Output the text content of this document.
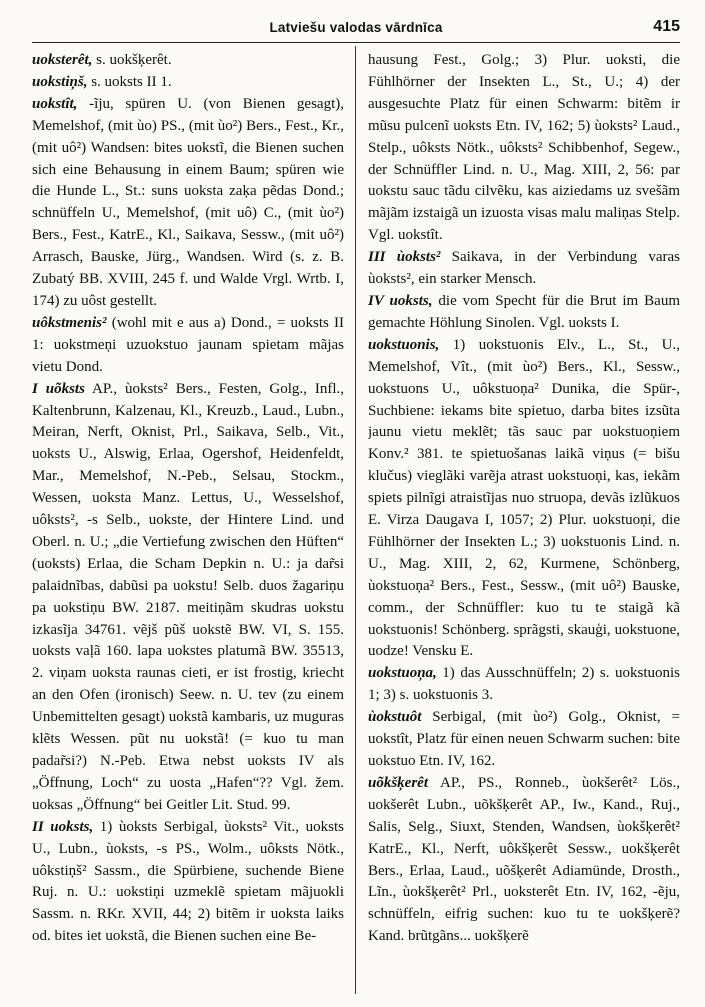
Latviešu valodas vārdnīca	415

uoksterêt, s. uokšķerêt.

uokstiņš, s. uoksts II 1.

uokstît, -ĩju, spüren U. (von Bienen gesagt), Memelshof, (mit ùo) PS., (mit ùo²) Bers., Fest., Kr., (mit uô²) Wandsen: bites uokstĩ, die Bienen suchen sich eine Behausung in einem Baum; spüren wie die Hunde L., St.: suns uoksta zaķa pẽdas Dond.; schnüffeln U., Memelshof, (mit uô) C., (mit ùo²) Bers., Fest., KatrE., Kl., Saikava, Sessw., (mit uô²) Arrasch, Bauske, Jürg., Wandsen. Wird (s. z. B. Zubatý BB. XVIII, 245 f. und Walde Vrgl. Wrtb. I, 174) zu uôst gestellt.

uôkstmenis² (wohl mit e aus a) Dond., = uoksts II 1: uokstmeņi uzuokstuo jaunam spietam mãjas vietu Dond.

I uõksts AP., ùoksts² Bers., Festen, Golg., Infl., Kaltenbrunn, Kalzenau, Kl., Kreuzb., Laud., Lubn., Meiran, Nerft, Oknist, Prl., Saikava, Selb., Vit., uoksts U., Alswig, Erlaa, Ogershof, Heidenfeldt, Mar., Memelshof, N.-Peb., Selsau, Stockm., Wessen, uoksta Manz. Lettus, U., Wesselshof, uôksts², -s Selb., uokste, der Hintere Lind. und Oberl. n. U.; „die Vertiefung zwischen den Hüften“ (uoksts) Erlaa, die Scham Depkin n. U.: ja dar̃si palaidnĩbas, dabũsi pa uokstu! Selb. duos žagariņu pa uokstiņu BW. 2187. meitiņãm skudras uokstu izkasĩja 34761. vẽjš pũš uokstẽ BW. VI, S. 155. uoksts vaļã 160. lapa uokstes platumã BW. 35513, 2. viņam uoksta raunas cieti, er ist frostig, kriecht an den Ofen (ironisch) Seew. n. U. tev (zu einem Unbemittelten gesagt) uokstã kambaris, uz muguras klẽts Wessen. pũt nu uokstã! (= kuo tu man padar̃si?) N.-Peb. Etwa nebst uoksts IV als „Öffnung, Loch“ zu uosta „Hafen“?? Vgl. žem. uoksas „Öffnung“ bei Geitler Lit. Stud. 99.

II uoksts, 1) ùoksts Serbigal, ùoksts² Vit., uoksts U., Lubn., ùoksts, -s PS., Wolm., uôksts Nötk., uôkstiņš² Sassm., die Spürbiene, suchende Biene Ruj. n. U.: uokstiņi uzmeklẽ spietam mãjuokli Sassm. n. RKr. XVII, 44; 2) bitẽm ir uoksta laiks od. bites iet uokstã, die Bienen suchen eine Be-

hausung Fest., Golg.; 3) Plur. uoksti, die Fühlhörner der Insekten L., St., U.; 4) der ausgesuchte Platz für einen Schwarm: bitẽm ir mũsu pulcenĩ uoksts Etn. IV, 162; 5) ùoksts² Laud., Stelp., uôksts Nötk., uôksts² Schibbenhof, Segew., der Schnüffler Lind. n. U., Mag. XIII, 2, 56: par uokstu sauc tãdu cilvẽku, kas aiziedams uz svešãm mãjãm izstaigã un izuosta visas malu maliņas Stelp. Vgl. uokstît.

III ùoksts² Saikava, in der Verbindung varas ùoksts², ein starker Mensch.

IV uoksts, die vom Specht für die Brut im Baum gemachte Höhlung Sinolen. Vgl. uoksts I.

uokstuonis, 1) uokstuonis Elv., L., St., U., Memelshof, Vît., (mit ùo²) Bers., Kl., Sessw., uokstuons U., uôkstuoņa² Dunika, die Spür-, Suchbiene: iekams bite spietuo, darba bites izsũta jaunu vietu meklẽt; tãs sauc par uokstuoņiem Konv.² 381. te spietuošanas laikã viņus (= bišu klučus) vieglãki varẽja atrast uokstuoņi, kas, iekãm spiets pilnĩgi atraistĩjas nuo struopa, devãs izlũkuos E. Virza Daugava I, 1057; 2) Plur. uokstuoņi, die Fühlhörner der Insekten L.; 3) uokstuonis Lind. n. U., Mag. XIII, 2, 62, Kurmene, Schönberg, ùokstuoņa² Bers., Fest., Sessw., (mit uô²) Bauske, comm., der Schnüffler: kuo tu te staigã kã uokstuonis! Schönberg. sprãgsti, skauģi, uokstuone, uodze! Vensku E.

uokstuoņa, 1) das Ausschnüffeln; 2) s. uokstuonis 1; 3) s. uokstuonis 3.

ùokstuôt Serbigal, (mit ùo²) Golg., Oknist, = uokstît, Platz für einen neuen Schwarm suchen: bite uokstuo Etn. IV, 162.

uõkšķerêt AP., PS., Ronneb., ùokšerêt² Lös., uokšerêt Lubn., uõkšķerêt AP., Iw., Kand., Ruj., Salis, Selg., Siuxt, Stenden, Wandsen, ùokšķerêt² KatrE., Kl., Nerft, uôkšķerêt Sessw., uokšķerêt Bers., Erlaa, Laud., uõšķerêt Adiamünde, Drosth., Lĩn., ùokšķerêt² Prl., uoksterêt Etn. IV, 162, -ẽju, schnüffeln, eifrig suchen: kuo tu te uokšķerẽ? Kand. brũtgãns... uokšķerẽ
